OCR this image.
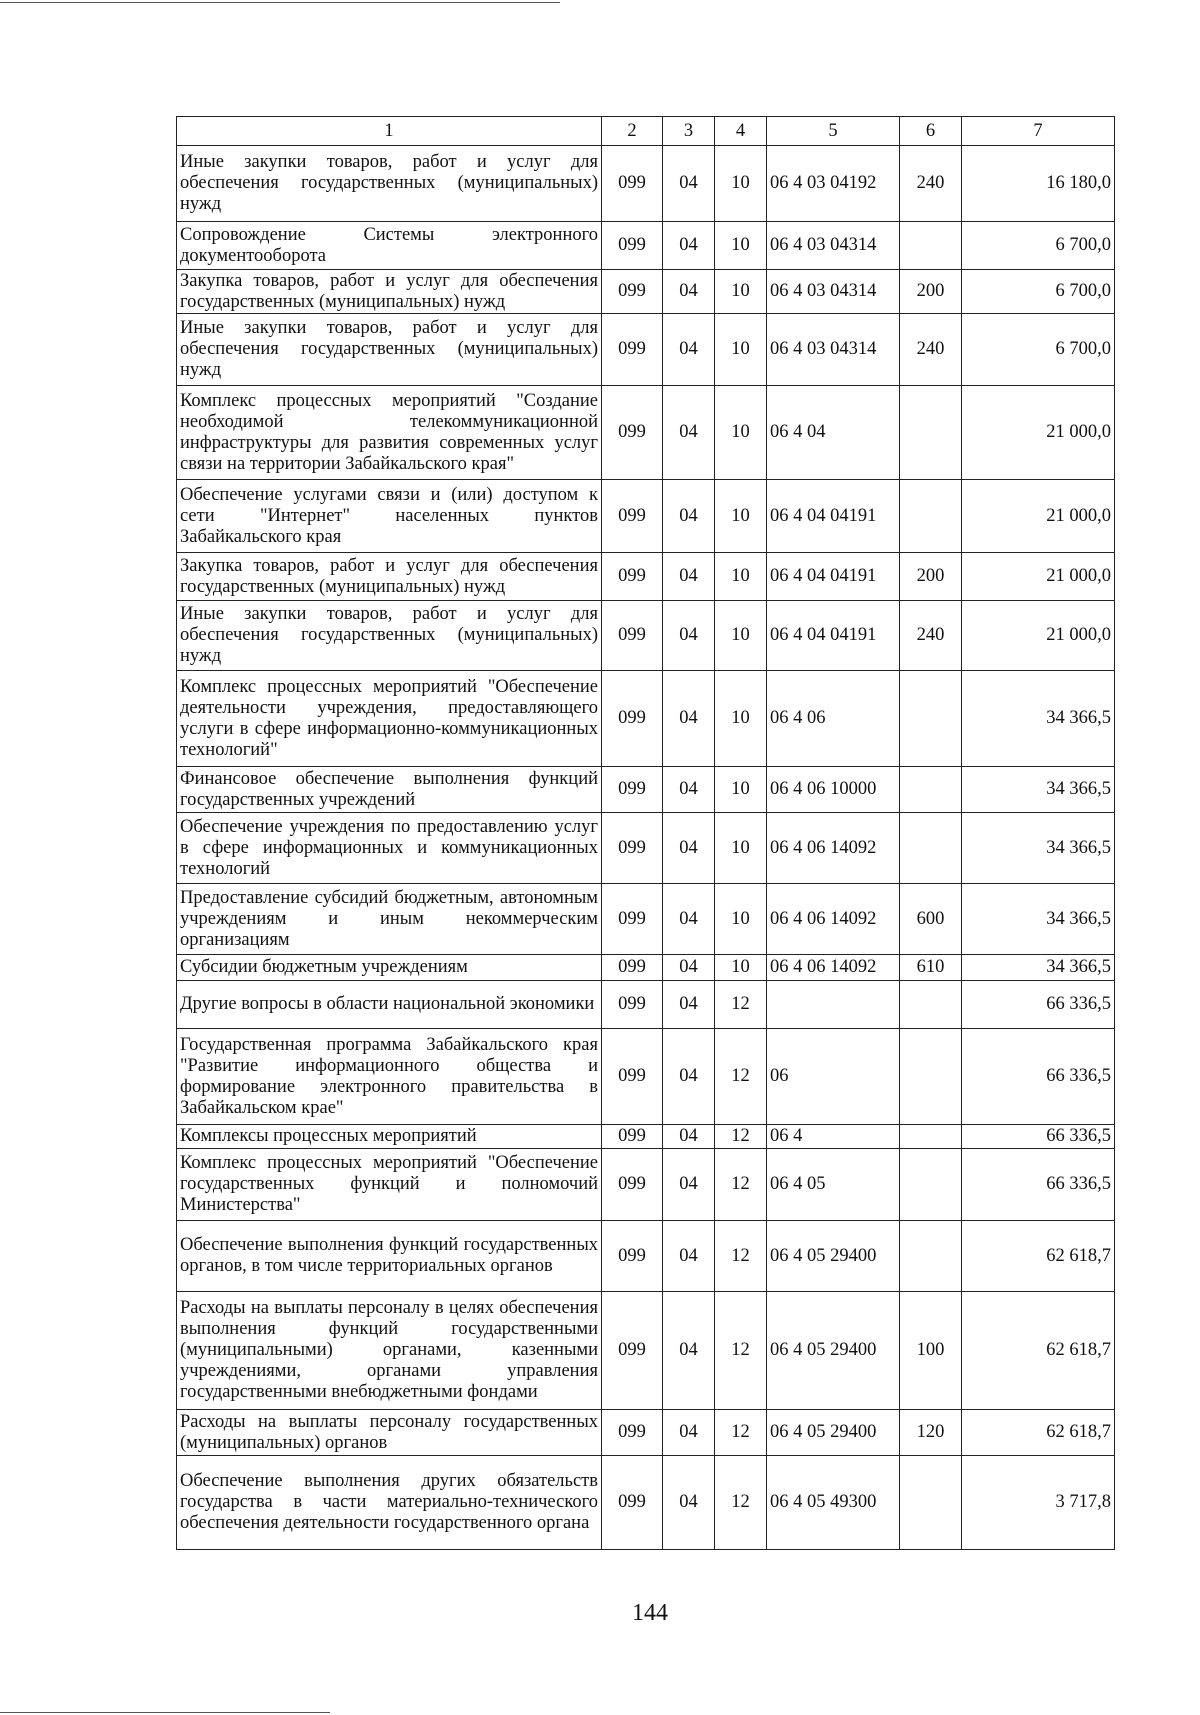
1	2	3	4	5	6	7
Иные закупки товаров, работ и услуг для обеспечения государственных (муниципальных) нужд	099	04	10	06 4 03 04192	240	16 180,0
Сопровождение Системы электронного документооборота	099	04	10	06 4 03 04314		6 700,0
Закупка товаров, работ и услуг для обеспечения государственных (муниципальных) нужд	099	04	10	06 4 03 04314	200	6 700,0
Иные закупки товаров, работ и услуг для обеспечения государственных (муниципальных) нужд	099	04	10	06 4 03 04314	240	6 700,0
Комплекс процессных мероприятий "Создание необходимой телекоммуникационной инфраструктуры для развития современных услуг связи на территории Забайкальского края"	099	04	10	06 4 04		21 000,0
Обеспечение услугами связи и (или) доступом к сети "Интернет" населенных пунктов Забайкальского края	099	04	10	06 4 04 04191		21 000,0
Закупка товаров, работ и услуг для обеспечения государственных (муниципальных) нужд	099	04	10	06 4 04 04191	200	21 000,0
Иные закупки товаров, работ и услуг для обеспечения государственных (муниципальных) нужд	099	04	10	06 4 04 04191	240	21 000,0
Комплекс процессных мероприятий "Обеспечение деятельности учреждения, предоставляющего услуги в сфере информационно-коммуникационных технологий"	099	04	10	06 4 06		34 366,5
Финансовое обеспечение выполнения функций государственных учреждений	099	04	10	06 4 06 10000		34 366,5
Обеспечение учреждения по предоставлению услуг в сфере информационных и коммуникационных технологий	099	04	10	06 4 06 14092		34 366,5
Предоставление субсидий бюджетным, автономным учреждениям и иным некоммерческим организациям	099	04	10	06 4 06 14092	600	34 366,5
Субсидии бюджетным учреждениям	099	04	10	06 4 06 14092	610	34 366,5
Другие вопросы в области национальной экономики	099	04	12			66 336,5
Государственная программа Забайкальского края "Развитие информационного общества и формирование электронного правительства в Забайкальском крае"	099	04	12	06		66 336,5
Комплексы процессных мероприятий	099	04	12	06 4		66 336,5
Комплекс процессных мероприятий "Обеспечение государственных функций и полномочий Министерства"	099	04	12	06 4 05		66 336,5
Обеспечение выполнения функций государственных органов, в том числе территориальных органов	099	04	12	06 4 05 29400		62 618,7
Расходы на выплаты персоналу в целях обеспечения выполнения функций государственными (муниципальными) органами, казенными учреждениями, органами управления государственными внебюджетными фондами	099	04	12	06 4 05 29400	100	62 618,7
Расходы на выплаты персоналу государственных (муниципальных) органов	099	04	12	06 4 05 29400	120	62 618,7
Обеспечение выполнения других обязательств государства в части материально-технического обеспечения деятельности государственного органа	099	04	12	06 4 05 49300		3 717,8
144
